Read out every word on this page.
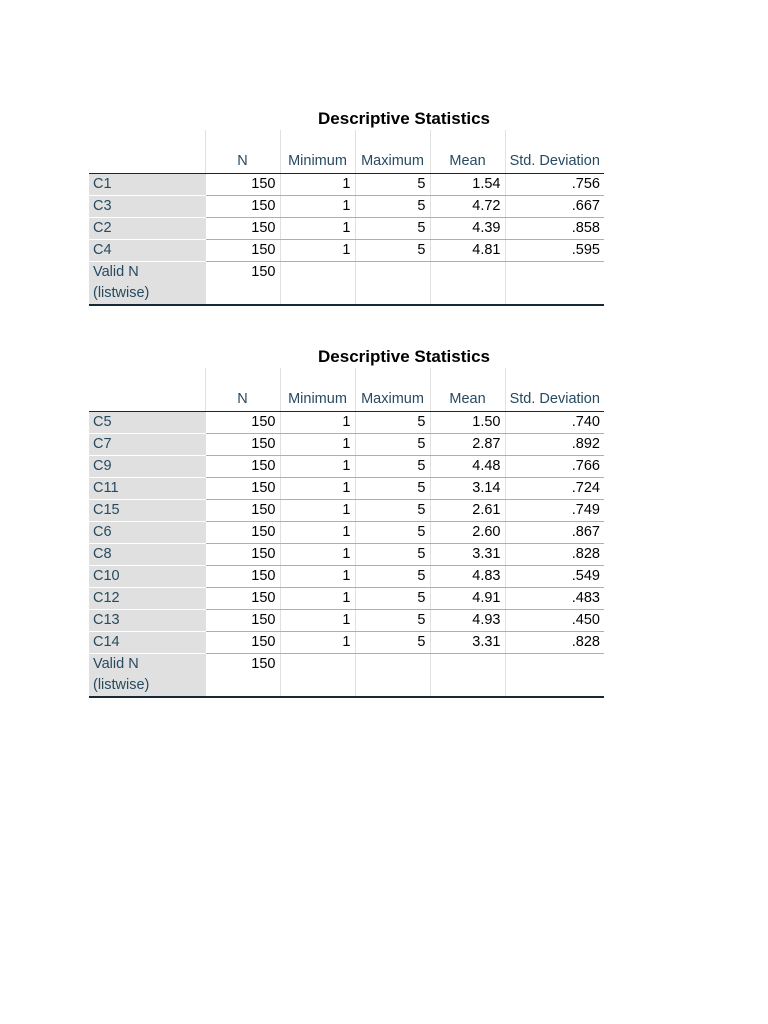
Descriptive Statistics
	N	Minimum	Maximum	Mean	Std. Deviation
C1	150	1	5	1.54	.756
C3	150	1	5	4.72	.667
C2	150	1	5	4.39	.858
C4	150	1	5	4.81	.595

Valid N (listwise)	150				
Descriptive Statistics
	N	Minimum	Maximum	Mean	Std. Deviation
C5	150	1	5	1.50	.740
C7	150	1	5	2.87	.892
C9	150	1	5	4.48	.766
C11	150	1	5	3.14	.724
C15	150	1	5	2.61	.749
C6	150	1	5	2.60	.867
C8	150	1	5	3.31	.828
C10	150	1	5	4.83	.549
C12	150	1	5	4.91	.483
C13	150	1	5	4.93	.450
C14	150	1	5	3.31	.828

Valid N (listwise)	150				
